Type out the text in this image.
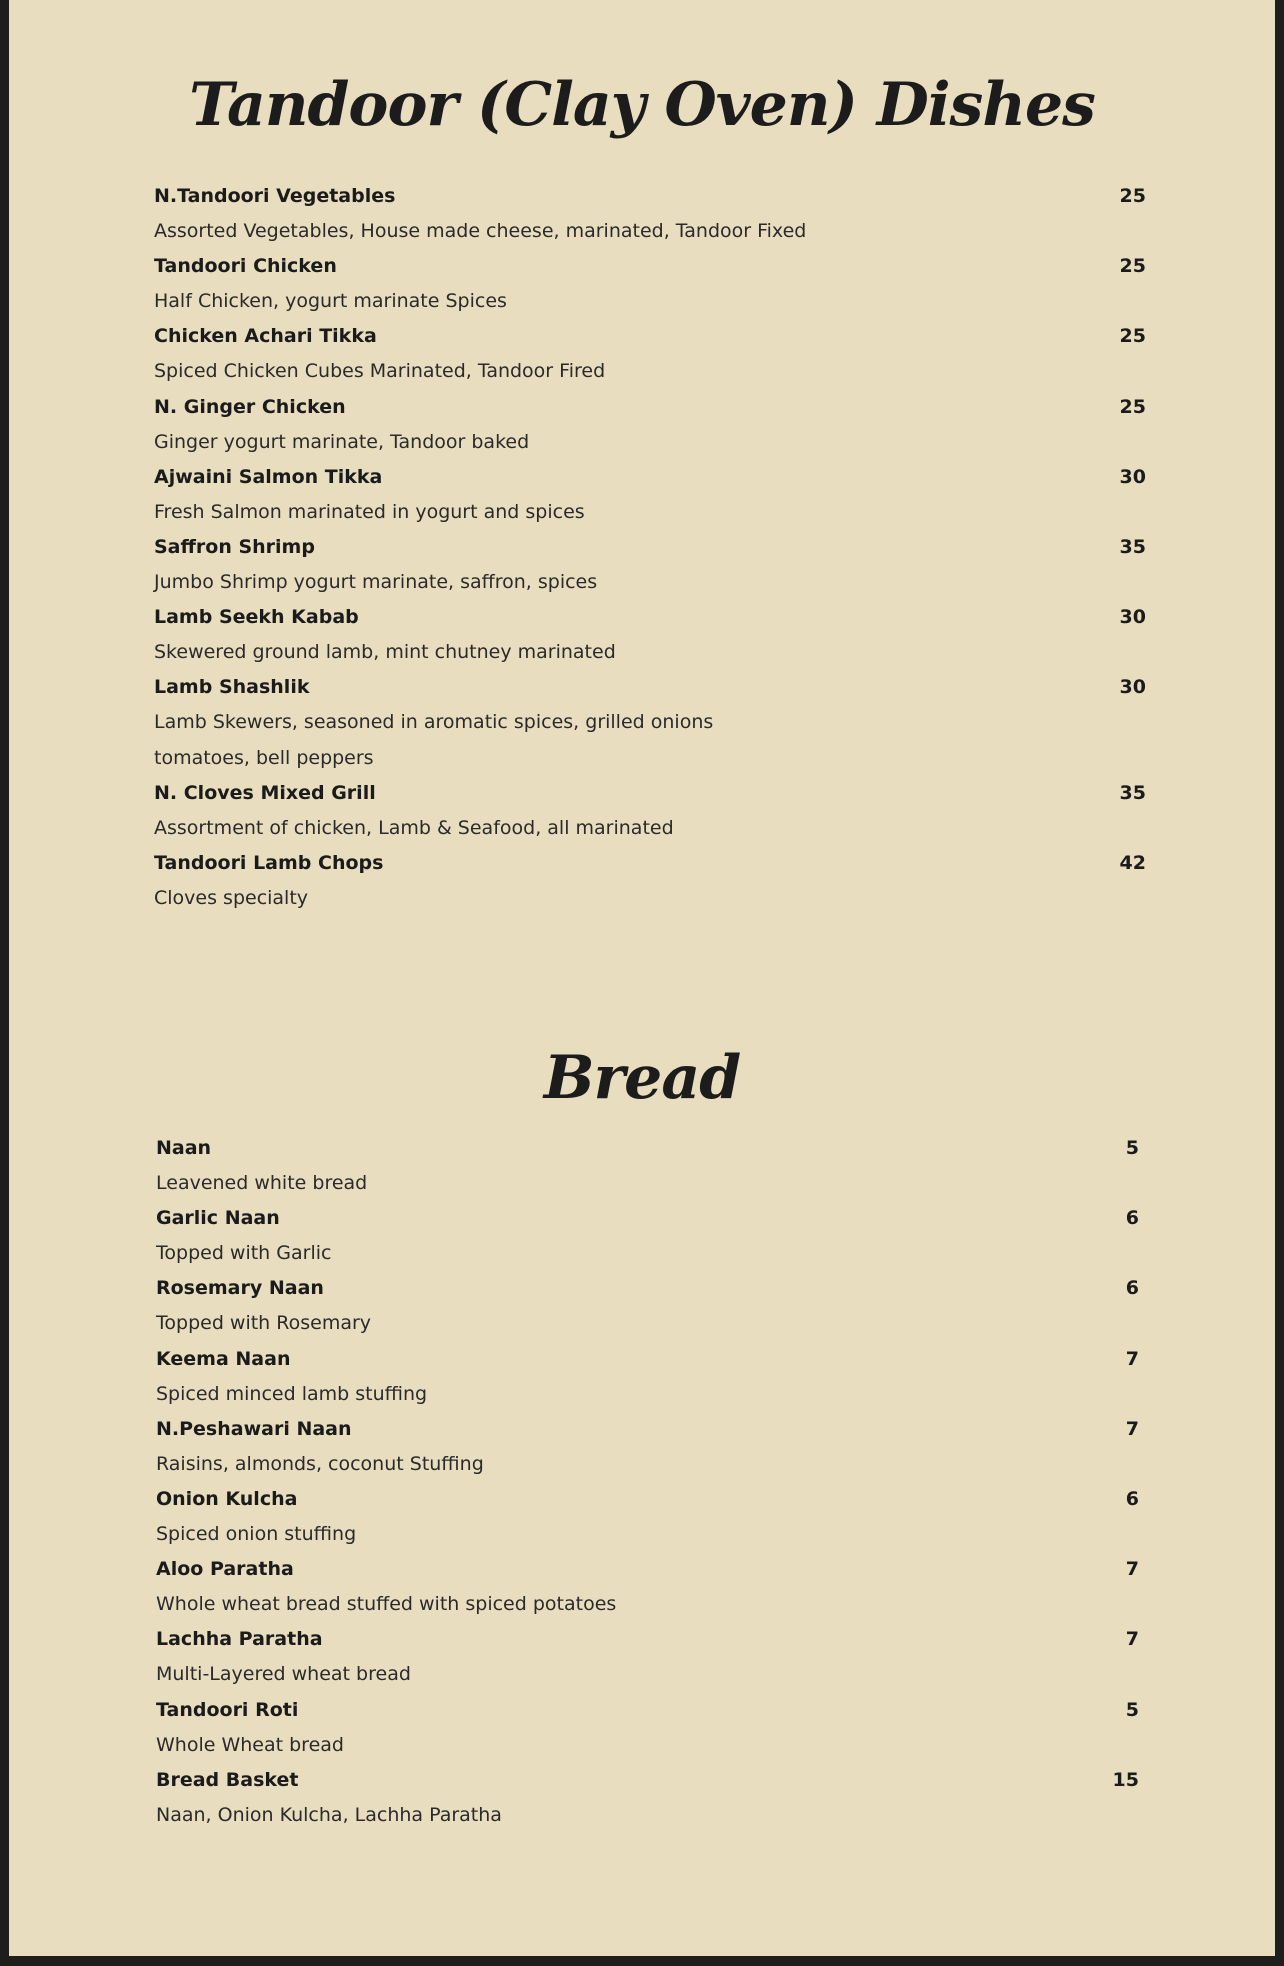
Tandoor (Clay Oven) Dishes
N.Tandoori Vegetables	25
Assorted Vegetables, House made cheese, marinated, Tandoor Fixed
Tandoori Chicken	25
Half Chicken, yogurt marinate Spices
Chicken Achari Tikka	25
Spiced Chicken Cubes Marinated, Tandoor Fired
N. Ginger Chicken	25
Ginger yogurt marinate, Tandoor baked
Ajwaini Salmon Tikka	30
Fresh Salmon marinated in yogurt and spices
Saffron Shrimp	35
Jumbo Shrimp yogurt marinate, saffron, spices
Lamb Seekh Kabab	30
Skewered ground lamb, mint chutney marinated
Lamb Shashlik	30
Lamb Skewers, seasoned in aromatic spices, grilled onions
tomatoes, bell peppers
N. Cloves Mixed Grill	35
Assortment of chicken, Lamb & Seafood, all marinated
Tandoori Lamb Chops	42
Cloves specialty
Bread
Naan	5
Leavened white bread
Garlic Naan	6
Topped with Garlic
Rosemary Naan	6
Topped with Rosemary
Keema Naan	7
Spiced minced lamb stuffing
N.Peshawari Naan	7
Raisins, almonds, coconut Stuffing
Onion Kulcha	6
Spiced onion stuffing
Aloo Paratha	7
Whole wheat bread stuffed with spiced potatoes
Lachha Paratha	7
Multi-Layered wheat bread
Tandoori Roti	5
Whole Wheat bread
Bread Basket	15
Naan, Onion Kulcha, Lachha Paratha
